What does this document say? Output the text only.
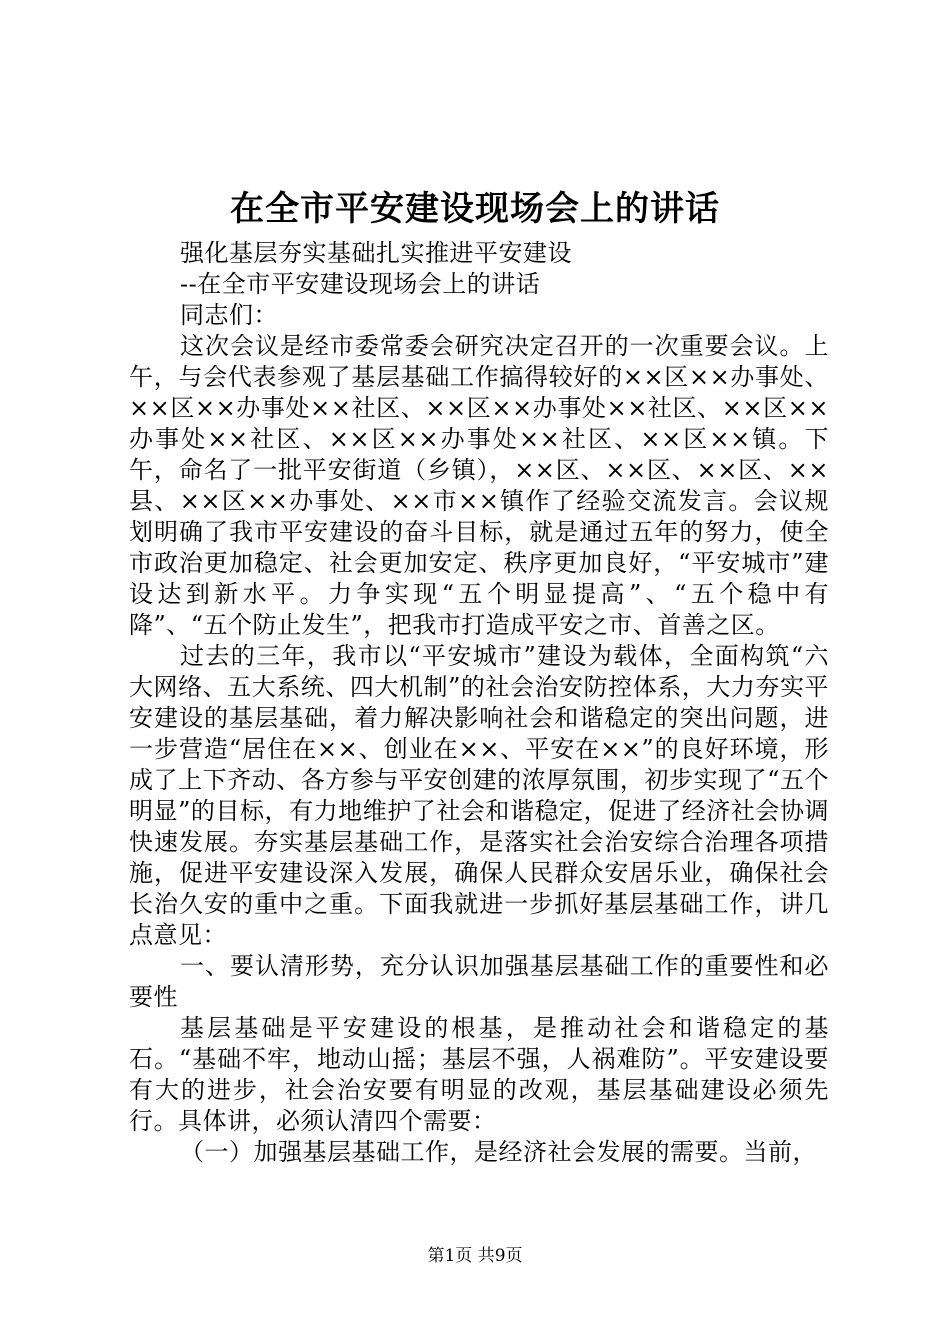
在全市平安建设现场会上的讲话

强化基层夯实基础扎实推进平安建设

--在全市平安建设现场会上的讲话

同志们：

这次会议是经市委常委会研究决定召开的一次重要会议。上午，与会代表参观了基层基础工作搞得较好的××区××办事处、××区××办事处××社区、××区××办事处××社区、××区××办事处××社区、××区××办事处××社区、××区××镇。下午，命名了一批平安街道（乡镇），××区、××区、××区、××县、××区××办事处、××市××镇作了经验交流发言。会议规划明确了我市平安建设的奋斗目标，就是通过五年的努力，使全市政治更加稳定、社会更加安定、秩序更加良好，“平安城市”建设达到新水平。力争实现“五个明显提高”、“五个稳中有降”、“五个防止发生”，把我市打造成平安之市、首善之区。

过去的三年，我市以“平安城市”建设为载体，全面构筑“六大网络、五大系统、四大机制”的社会治安防控体系，大力夯实平安建设的基层基础，着力解决影响社会和谐稳定的突出问题，进一步营造“居住在××、创业在××、平安在××”的良好环境，形成了上下齐动、各方参与平安创建的浓厚氛围，初步实现了“五个明显”的目标，有力地维护了社会和谐稳定，促进了经济社会协调快速发展。夯实基层基础工作，是落实社会治安综合治理各项措施，促进平安建设深入发展，确保人民群众安居乐业，确保社会长治久安的重中之重。下面我就进一步抓好基层基础工作，讲几点意见：

一、要认清形势，充分认识加强基层基础工作的重要性和必要性

基层基础是平安建设的根基，是推动社会和谐稳定的基石。“基础不牢，地动山摇；基层不强，人祸难防”。平安建设要有大的进步，社会治安要有明显的改观，基层基础建设必须先行。具体讲，必须认清四个需要：

（一）加强基层基础工作，是经济社会发展的需要。当前，

第1页 共9页
